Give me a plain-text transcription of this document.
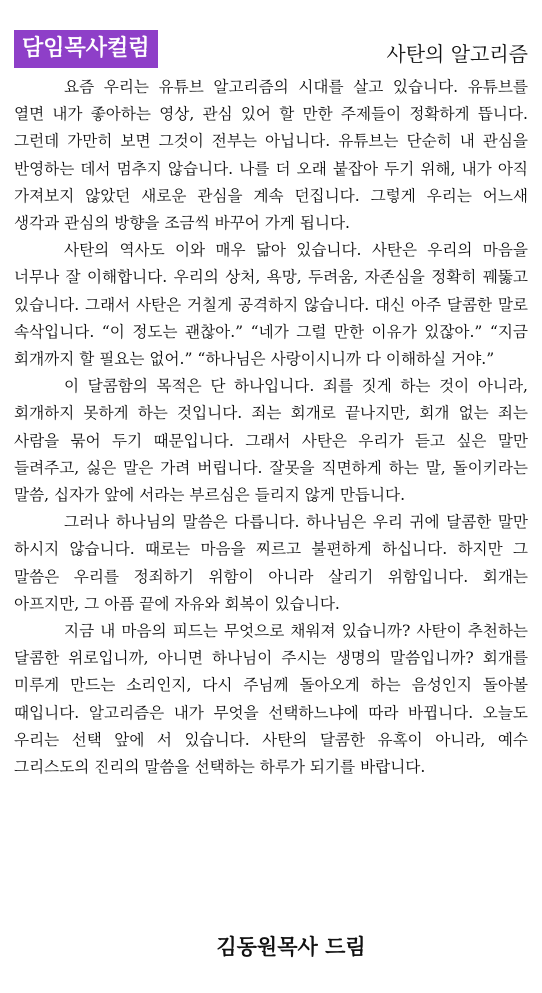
담임목사컬럼	사탄의 알고리즘

요즘 우리는 유튜브 알고리즘의 시대를 살고 있습니다. 유튜브를 열면 내가 좋아하는 영상, 관심 있어 할 만한 주제들이 정확하게 뜹니다. 그런데 가만히 보면 그것이 전부는 아닙니다. 유튜브는 단순히 내 관심을 반영하는 데서 멈추지 않습니다. 나를 더 오래 붙잡아 두기 위해, 내가 아직 가져보지 않았던 새로운 관심을 계속 던집니다. 그렇게 우리는 어느새 생각과 관심의 방향을 조금씩 바꾸어 가게 됩니다.

사탄의 역사도 이와 매우 닮아 있습니다. 사탄은 우리의 마음을 너무나 잘 이해합니다. 우리의 상처, 욕망, 두려움, 자존심을 정확히 꿰뚫고 있습니다. 그래서 사탄은 거칠게 공격하지 않습니다. 대신 아주 달콤한 말로 속삭입니다. “이 정도는 괜찮아.” “네가 그럴 만한 이유가 있잖아.” “지금 회개까지 할 필요는 없어.” “하나님은 사랑이시니까 다 이해하실 거야.”

이 달콤함의 목적은 단 하나입니다. 죄를 짓게 하는 것이 아니라, 회개하지 못하게 하는 것입니다. 죄는 회개로 끝나지만, 회개 없는 죄는 사람을 묶어 두기 때문입니다. 그래서 사탄은 우리가 듣고 싶은 말만 들려주고, 싫은 말은 가려 버립니다. 잘못을 직면하게 하는 말, 돌이키라는 말씀, 십자가 앞에 서라는 부르심은 들리지 않게 만듭니다.

그러나 하나님의 말씀은 다릅니다. 하나님은 우리 귀에 달콤한 말만 하시지 않습니다. 때로는 마음을 찌르고 불편하게 하십니다. 하지만 그 말씀은 우리를 정죄하기 위함이 아니라 살리기 위함입니다. 회개는 아프지만, 그 아픔 끝에 자유와 회복이 있습니다.

지금 내 마음의 피드는 무엇으로 채워져 있습니까? 사탄이 추천하는 달콤한 위로입니까, 아니면 하나님이 주시는 생명의 말씀입니까? 회개를 미루게 만드는 소리인지, 다시 주님께 돌아오게 하는 음성인지 돌아볼 때입니다. 알고리즘은 내가 무엇을 선택하느냐에 따라 바뀝니다. 오늘도 우리는 선택 앞에 서 있습니다. 사탄의 달콤한 유혹이 아니라, 예수 그리스도의 진리의 말씀을 선택하는 하루가 되기를 바랍니다.

김동원목사 드림
